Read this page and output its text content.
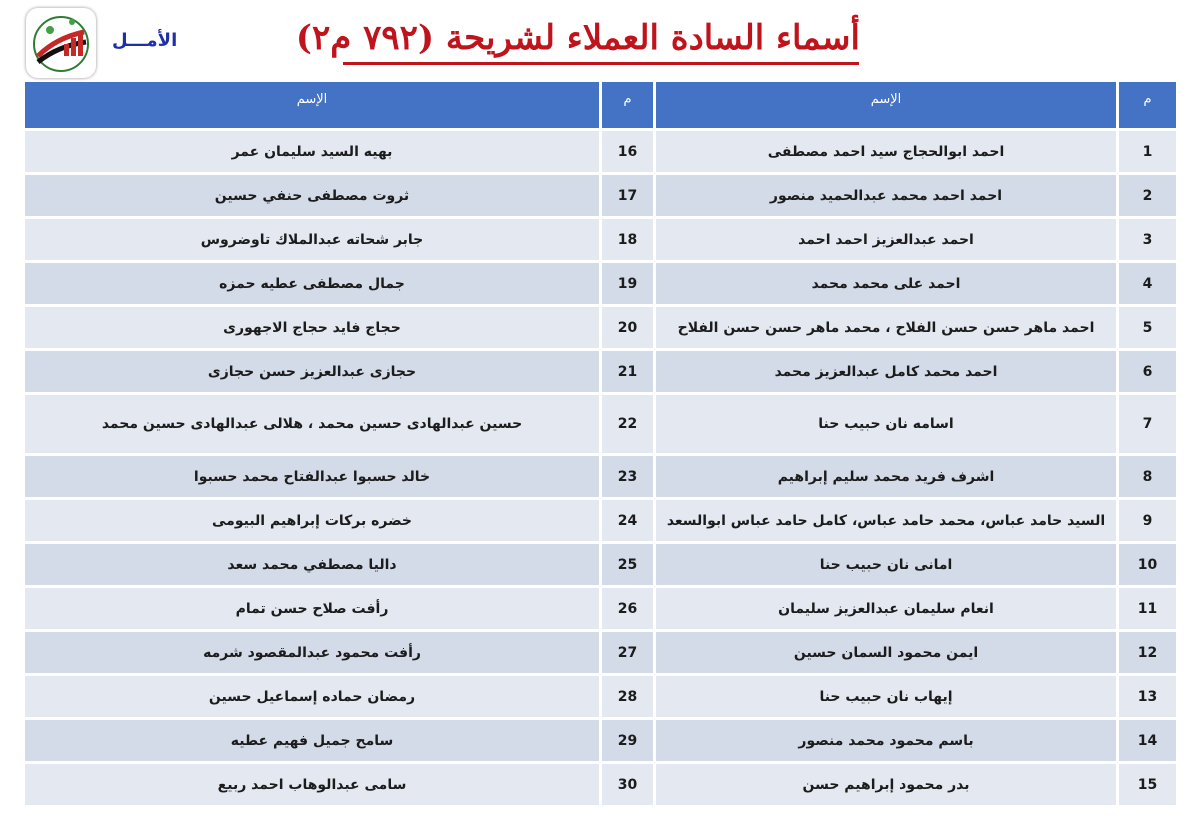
الأمـــل	أسماء السادة العملاء لشريحة (٧٩٢ م٢)
الإسم	م	الإسم	م
بهيه السيد سليمان عمر	16	احمد ابوالحجاج سيد احمد مصطفى	1
ثروت مصطفى حنفي حسين	17	احمد احمد محمد عبدالحميد منصور	2
جابر شحاته عبدالملاك تاوضروس	18	احمد عبدالعزيز احمد احمد	3
جمال مصطفى عطيه حمزه	19	احمد على محمد محمد	4
حجاج فايد حجاج الاجهورى	20	احمد ماهر حسن حسن الفلاح ، محمد ماهر حسن حسن الفلاح	5
حجازى عبدالعزيز حسن حجازى	21	احمد محمد كامل عبدالعزيز محمد	6
حسين عبدالهادى حسين محمد ، هلالى عبدالهادى حسين محمد	22	اسامه نان حبيب حنا	7
خالد حسبوا عبدالفتاح محمد حسبوا	23	اشرف فريد محمد سليم إبراهيم	8
خضره بركات إبراهيم البيومى	24	السيد حامد عباس، محمد حامد عباس، كامل حامد عباس ابوالسعد	9
داليا مصطفي محمد سعد	25	امانى نان حبيب حنا	10
رأفت صلاح حسن تمام	26	انعام سليمان عبدالعزيز سليمان	11
رأفت محمود عبدالمقصود شرمه	27	ايمن محمود السمان حسين	12
رمضان حماده إسماعيل حسين	28	إيهاب نان حبيب حنا	13
سامح جميل فهيم عطيه	29	باسم محمود محمد منصور	14
سامى عبدالوهاب احمد ربيع	30	بدر محمود إبراهيم حسن	15
